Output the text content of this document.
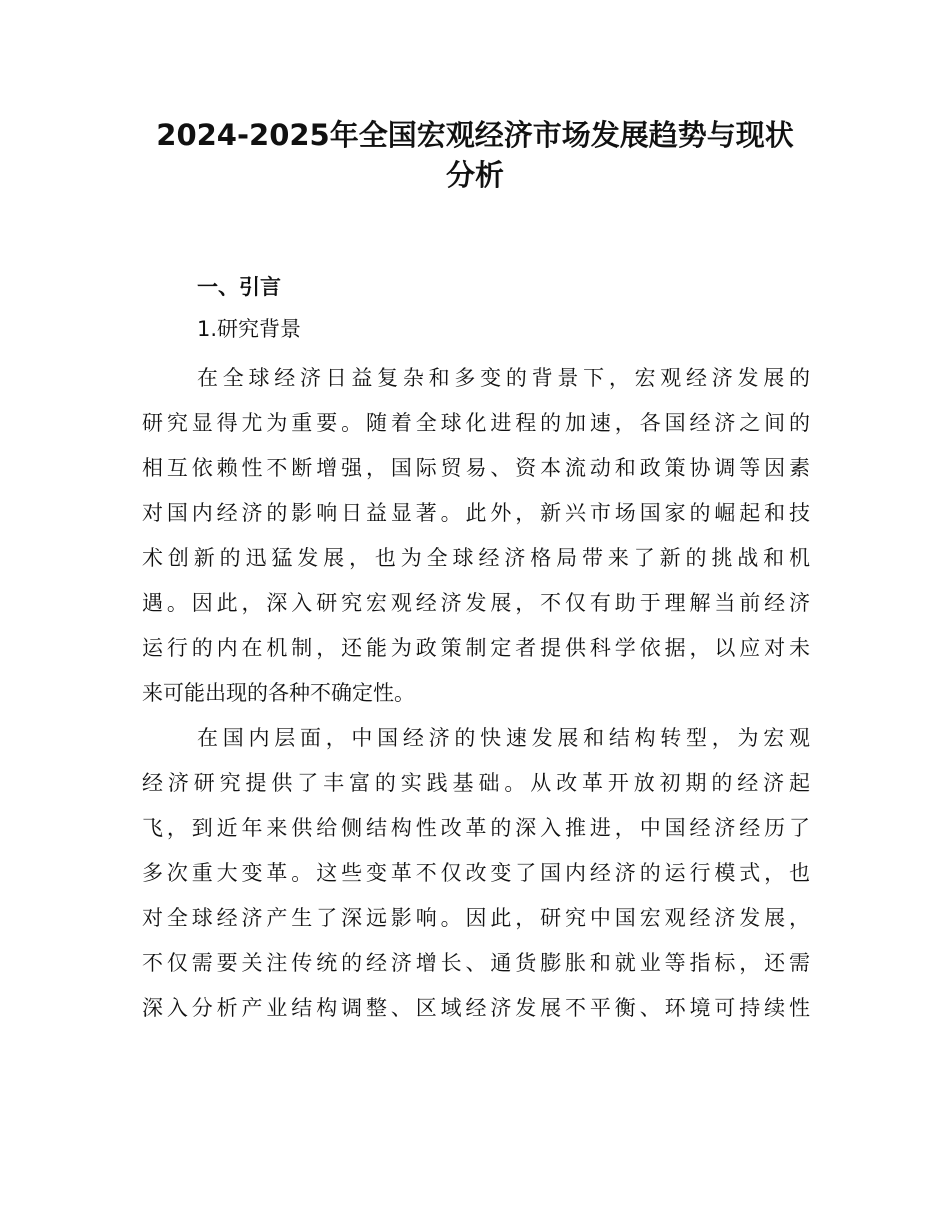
2024-2025年全国宏观经济市场发展趋势与现状
分析
一、引言
1.研究背景
在全球经济日益复杂和多变的背景下，宏观经济发展的
研究显得尤为重要。随着全球化进程的加速，各国经济之间的
相互依赖性不断增强，国际贸易、资本流动和政策协调等因素
对国内经济的影响日益显著。此外，新兴市场国家的崛起和技
术创新的迅猛发展，也为全球经济格局带来了新的挑战和机
遇。因此，深入研究宏观经济发展，不仅有助于理解当前经济
运行的内在机制，还能为政策制定者提供科学依据，以应对未
来可能出现的各种不确定性。
在国内层面，中国经济的快速发展和结构转型，为宏观
经济研究提供了丰富的实践基础。从改革开放初期的经济起
飞，到近年来供给侧结构性改革的深入推进，中国经济经历了
多次重大变革。这些变革不仅改变了国内经济的运行模式，也
对全球经济产生了深远影响。因此，研究中国宏观经济发展，
不仅需要关注传统的经济增长、通货膨胀和就业等指标，还需
深入分析产业结构调整、区域经济发展不平衡、环境可持续性
